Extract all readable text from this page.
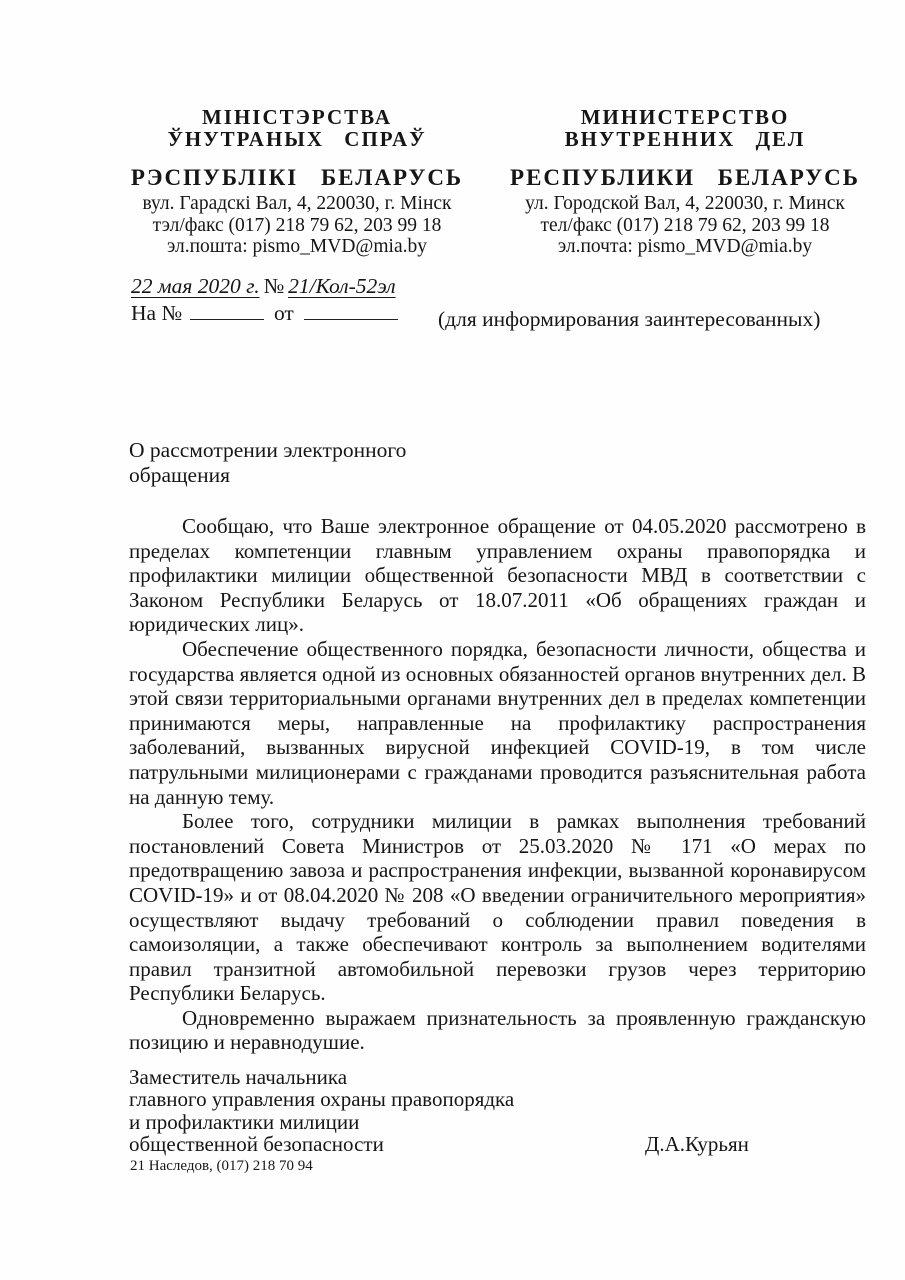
МІНІСТЭРСТВА
ЎНУТРАНЫХ СПРАЎ
РЭСПУБЛІКІ БЕЛАРУСЬ
вул. Гарадскі Вал, 4, 220030, г. Мінск
тэл/факс (017) 218 79 62, 203 99 18
эл.пошта: pismo_MVD@mia.by
МИНИСТЕРСТВО
ВНУТРЕННИХ ДЕЛ
РЕСПУБЛИКИ БЕЛАРУСЬ
ул. Городской Вал, 4, 220030, г. Минск
тел/факс (017) 218 79 62, 203 99 18
эл.почта: pismo_MVD@mia.by
22 мая 2020 г. № 21/Кол-52эл
На №	от	(для информирования заинтересованных)
О рассмотрении электронного обращения

Сообщаю, что Ваше электронное обращение от 04.05.2020 рассмотрено в пределах компетенции главным управлением охраны правопорядка и профилактики милиции общественной безопасности МВД в соответствии с Законом Республики Беларусь от 18.07.2011 «Об обращениях граждан и юридических лиц».

Обеспечение общественного порядка, безопасности личности, общества и государства является одной из основных обязанностей органов внутренних дел. В этой связи территориальными органами внутренних дел в пределах компетенции принимаются меры, направленные на профилактику распространения заболеваний, вызванных вирусной инфекцией COVID-19, в том числе патрульными милиционерами с гражданами проводится разъяснительная работа на данную тему.

Более того, сотрудники милиции в рамках выполнения требований постановлений Совета Министров от 25.03.2020 № 171 «О мерах по предотвращению завоза и распространения инфекции, вызванной коронавирусом COVID-19» и от 08.04.2020 № 208 «О введении ограничительного мероприятия» осуществляют выдачу требований о соблюдении правил поведения в самоизоляции, а также обеспечивают контроль за выполнением водителями правил транзитной автомобильной перевозки грузов через территорию Республики Беларусь.

Одновременно выражаем признательность за проявленную гражданскую позицию и неравнодушие.

Заместитель начальника
главного управления охраны правопорядка
и профилактики милиции
общественной безопасности	Д.А.Курьян
21 Наследов, (017) 218 70 94
